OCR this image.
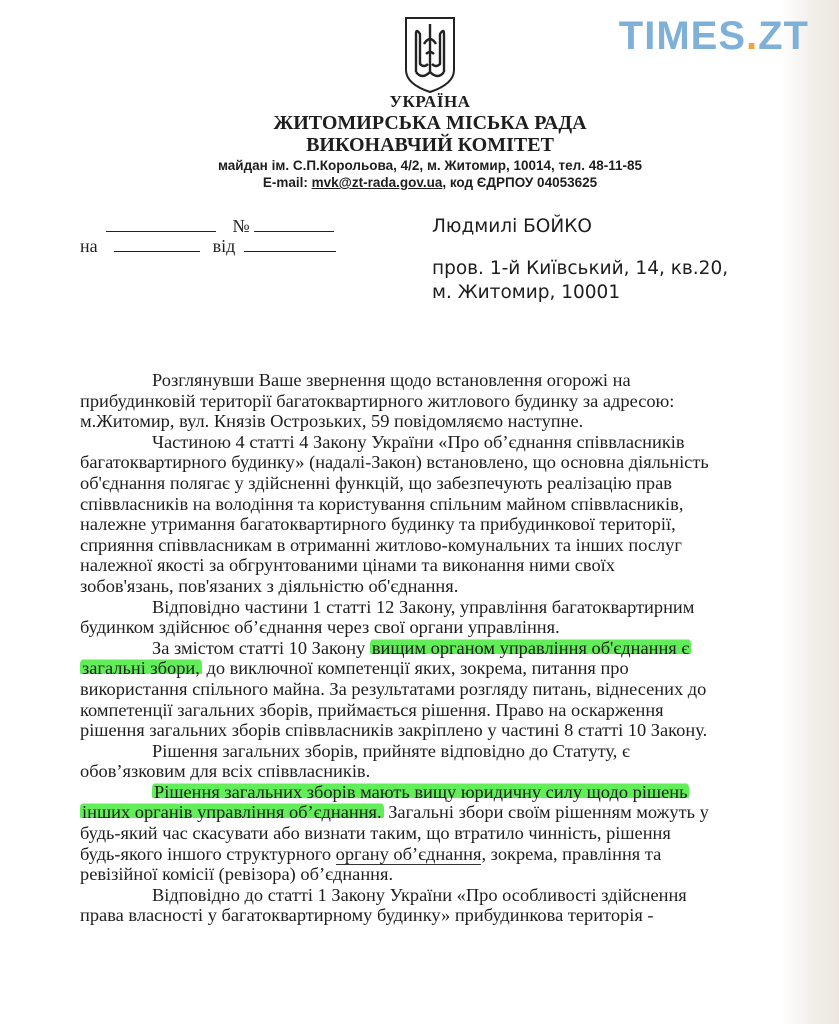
TIMES.ZT
УКРАЇНА
ЖИТОМИРСЬКА МІСЬКА РАДА
ВИКОНАВЧИЙ КОМІТЕТ
майдан ім. С.П.Корольова, 4/2, м. Житомир, 10014, тел. 48-11-85
E-mail: mvk@zt-rada.gov.ua, код ЄДРПОУ 04053625
№
на	від
Людмилі БОЙКО
пров. 1-й Київський, 14, кв.20,
м. Житомир, 10001

Розглянувши Ваше звернення щодо встановлення огорожі на
прибудинковій території багатоквартирного житлового будинку за адресою:
м.Житомир, вул. Князів Острозьких, 59 повідомляємо наступне.

Частиною 4 статті 4 Закону України «Про об’єднання співвласників
багатоквартирного будинку» (надалі-Закон) встановлено, що основна діяльність
об'єднання полягає у здійсненні функцій, що забезпечують реалізацію прав
співвласників на володіння та користування спільним майном співвласників,
належне утримання багатоквартирного будинку та прибудинкової території,
сприяння співвласникам в отриманні житлово-комунальних та інших послуг
належної якості за обгрунтованими цінами та виконання ними своїх
зобов'язань, пов'язаних з діяльністю об'єднання.

Відповідно частини 1 статті 12 Закону, управління багатоквартирним
будинком здійснює об’єднання через свої органи управління.

За змістом статті 10 Закону вищим органом управління об'єднання є
загальні збори, до виключної компетенції яких, зокрема, питання про
використання спільного майна. За результатами розгляду питань, віднесених до
компетенції загальних зборів, приймається рішення. Право на оскарження
рішення загальних зборів співвласників закріплено у частині 8 статті 10 Закону.

Рішення загальних зборів, прийняте відповідно до Статуту, є
обов’язковим для всіх співвласників.

Рішення загальних зборів мають вищу юридичну силу щодо рішень
інших органів управління об’єднання. Загальні збори своїм рішенням можуть у
будь-який час скасувати або визнати таким, що втратило чинність, рішення
будь-якого іншого структурного органу об’єднання, зокрема, правління та
ревізійної комісії (ревізора) об’єднання.

Відповідно до статті 1 Закону України «Про особливості здійснення
права власності у багатоквартирному будинку» прибудинкова територія -
